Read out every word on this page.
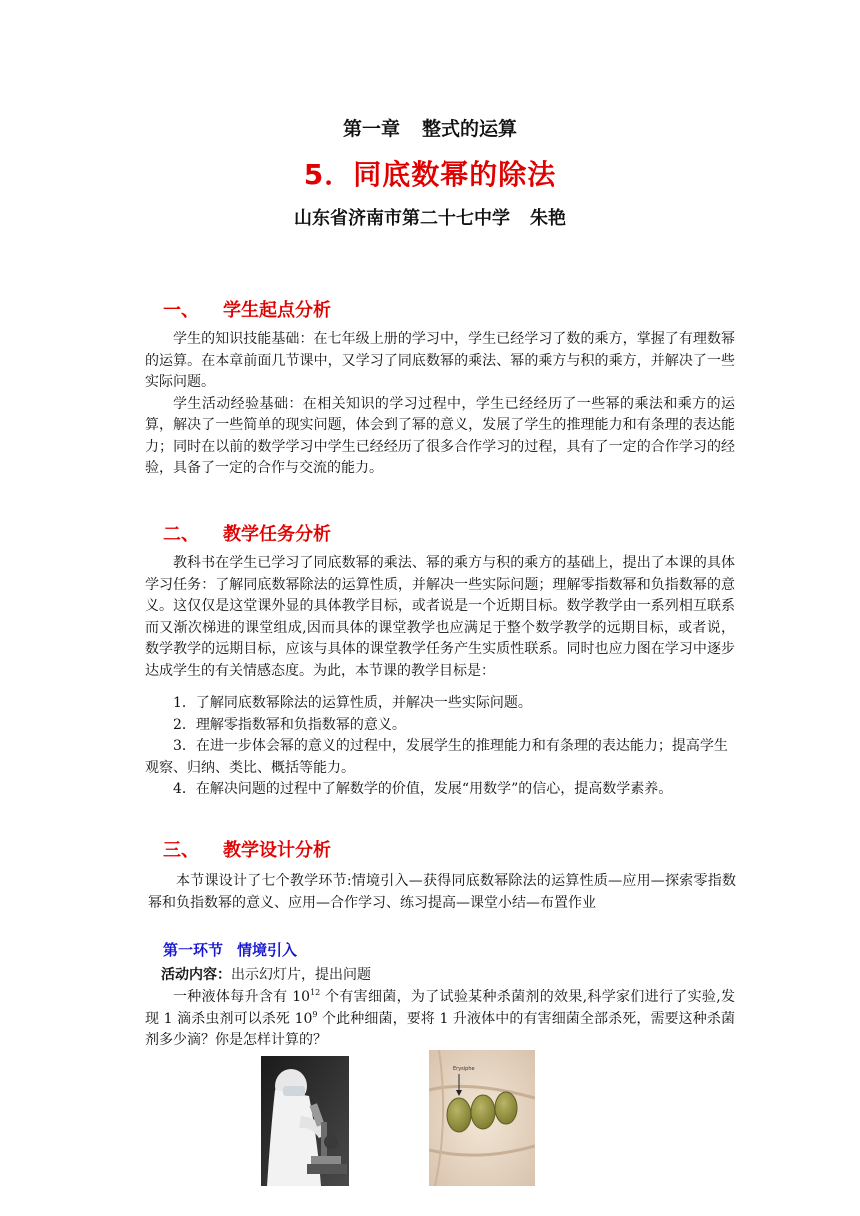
第一章 整式的运算
5．同底数幂的除法
山东省济南市第二十七中学 朱艳
一、 学生起点分析

学生的知识技能基础：在七年级上册的学习中，学生已经学习了数的乘方，掌握了有理数幂的运算。在本章前面几节课中，又学习了同底数幂的乘法、幂的乘方与积的乘方，并解决了一些实际问题。

学生活动经验基础：在相关知识的学习过程中，学生已经经历了一些幂的乘法和乘方的运算，解决了一些简单的现实问题，体会到了幂的意义，发展了学生的推理能力和有条理的表达能力；同时在以前的数学学习中学生已经经历了很多合作学习的过程，具有了一定的合作学习的经验，具备了一定的合作与交流的能力。

二、 教学任务分析

教科书在学生已学习了同底数幂的乘法、幂的乘方与积的乘方的基础上，提出了本课的具体学习任务：了解同底数幂除法的运算性质，并解决一些实际问题；理解零指数幂和负指数幂的意义。这仅仅是这堂课外显的具体教学目标，或者说是一个近期目标。数学教学由一系列相互联系而又渐次梯进的课堂组成,因而具体的课堂教学也应满足于整个数学教学的远期目标，或者说，数学教学的远期目标，应该与具体的课堂教学任务产生实质性联系。同时也应力图在学习中逐步达成学生的有关情感态度。为此，本节课的教学目标是：

1．了解同底数幂除法的运算性质，并解决一些实际问题。

2．理解零指数幂和负指数幂的意义。

3．在进一步体会幂的意义的过程中，发展学生的推理能力和有条理的表达能力；提高学生观察、归纳、类比、概括等能力。

4．在解决问题的过程中了解数学的价值，发展“用数学”的信心，提高数学素养。

三、 教学设计分析

本节课设计了七个教学环节:情境引入—获得同底数幂除法的运算性质—应用—探索零指数幂和负指数幂的意义、应用—合作学习、练习提高—课堂小结—布置作业

第一环节 情境引入
活动内容：出示幻灯片，提出问题

一种液体每升含有 $10^{12}$ 个有害细菌，为了试验某种杀菌剂的效果,科学家们进行了实验,发现 1 滴杀虫剂可以杀死 $10^9$ 个此种细菌，要将 1 升液体中的有害细菌全部杀死，需要这种杀菌剂多少滴？你是怎样计算的？

Erysiphe
